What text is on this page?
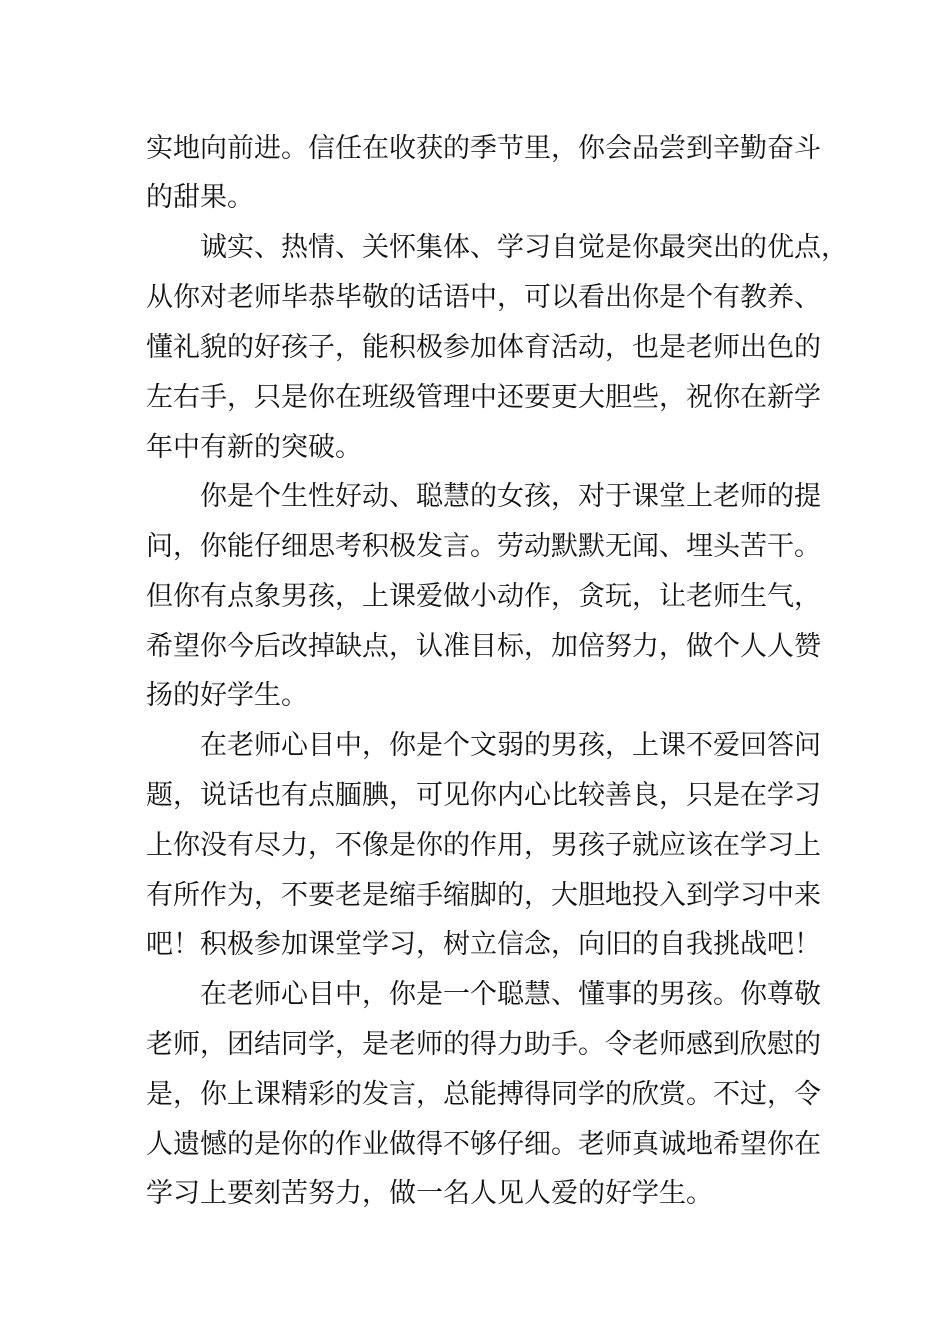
实地向前进。信任在收获的季节里，你会品尝到辛勤奋斗
的甜果。
诚实、热情、关怀集体、学习自觉是你最突出的优点，
从你对老师毕恭毕敬的话语中，可以看出你是个有教养、
懂礼貌的好孩子，能积极参加体育活动，也是老师出色的
左右手，只是你在班级管理中还要更大胆些，祝你在新学
年中有新的突破。
你是个生性好动、聪慧的女孩，对于课堂上老师的提
问，你能仔细思考积极发言。劳动默默无闻、埋头苦干。
但你有点象男孩，上课爱做小动作，贪玩，让老师生气，
希望你今后改掉缺点，认准目标，加倍努力，做个人人赞
扬的好学生。
在老师心目中，你是个文弱的男孩，上课不爱回答问
题，说话也有点腼腆，可见你内心比较善良，只是在学习
上你没有尽力，不像是你的作用，男孩子就应该在学习上
有所作为，不要老是缩手缩脚的，大胆地投入到学习中来
吧！积极参加课堂学习，树立信念，向旧的自我挑战吧！
在老师心目中，你是一个聪慧、懂事的男孩。你尊敬
老师，团结同学，是老师的得力助手。令老师感到欣慰的
是，你上课精彩的发言，总能搏得同学的欣赏。不过，令
人遗憾的是你的作业做得不够仔细。老师真诚地希望你在
学习上要刻苦努力，做一名人见人爱的好学生。
